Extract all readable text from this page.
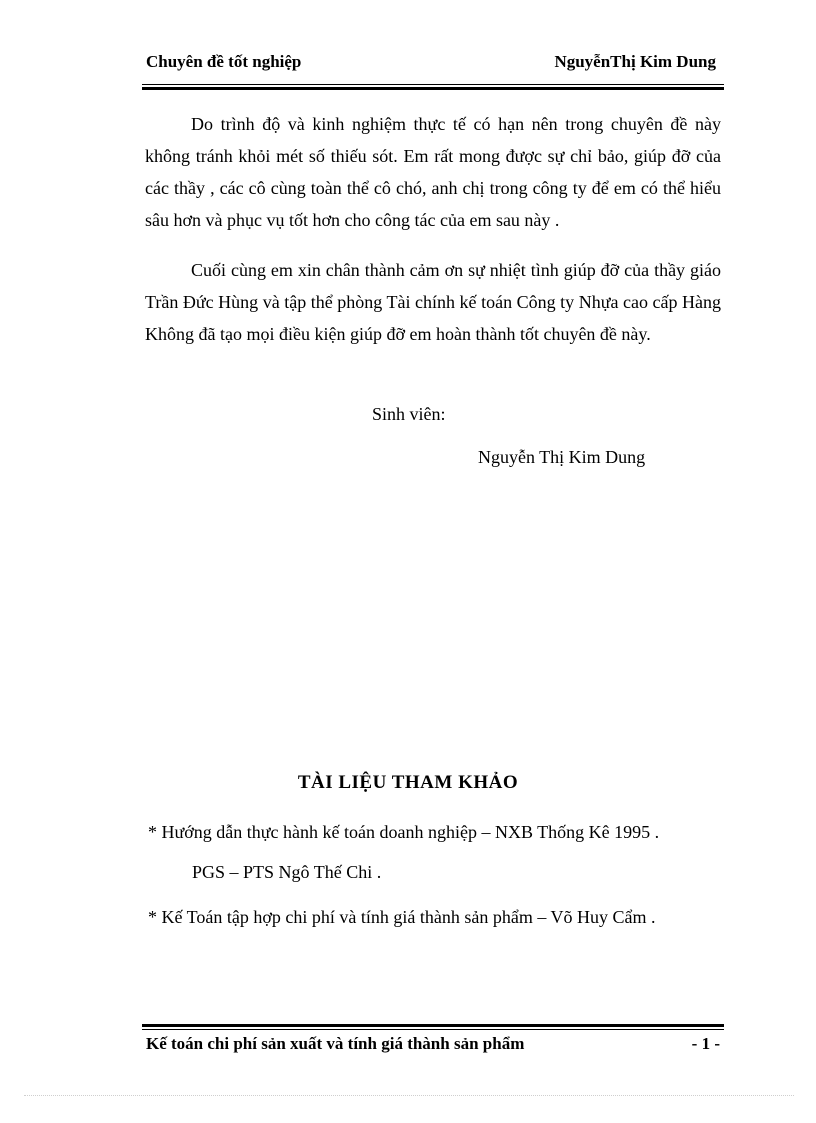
Chuyên đề tốt nghiệp	NguyễnThị Kim Dung

Do trình độ và kinh nghiệm thực tế có hạn nên trong chuyên đề này không tránh khỏi mét số thiếu sót. Em rất mong được sự chỉ bảo, giúp đỡ của các thầy , các cô cùng toàn thể cô chó, anh chị trong công ty để em có thể hiểu sâu hơn và phục vụ tốt hơn cho công tác của em sau này .

Cuối cùng em xin chân thành cảm ơn sự nhiệt tình giúp đỡ của thầy giáo Trần Đức Hùng và tập thể phòng Tài chính kế toán Công ty Nhựa cao cấp Hàng Không đã tạo mọi điều kiện giúp đỡ em hoàn thành tốt chuyên đề này.

Sinh viên:
Nguyễn Thị Kim Dung
TÀI LIỆU THAM KHẢO
* Hướng dẫn thực hành kế toán doanh nghiệp – NXB Thống Kê 1995 .
PGS – PTS Ngô Thế Chi .
* Kế Toán tập hợp chi phí và tính giá thành sản phẩm – Võ Huy Cẩm .
Kế toán chi phí sản xuất và tính giá thành sản phẩm	- 1 -
